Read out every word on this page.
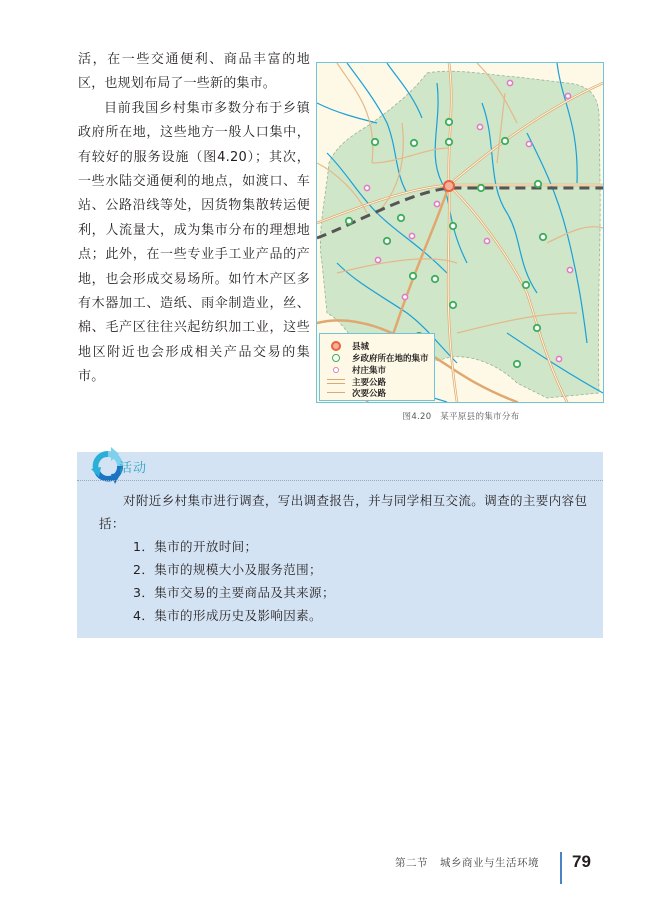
活，在一些交通便利、商品丰富的地区，也规划布局了一些新的集市。

目前我国乡村集市多数分布于乡镇政府所在地，这些地方一般人口集中，有较好的服务设施（图4.20）；其次，一些水陆交通便利的地点，如渡口、车站、公路沿线等处，因货物集散转运便利，人流量大，成为集市分布的理想地点；此外，在一些专业手工业产品的产地，也会形成交易场所。如竹木产区多有木器加工、造纸、雨伞制造业，丝、棉、毛产区往往兴起纺织加工业，这些地区附近也会形成相关产品交易的集市。

县城
乡政府所在地的集市
村庄集市
主要公路
次要公路
图4.20　某平原县的集市分布
活动

对附近乡村集市进行调查，写出调查报告，并与同学相互交流。调查的主要内容包括：

1．集市的开放时间；

2．集市的规模大小及服务范围；

3．集市交易的主要商品及其来源；

4．集市的形成历史及影响因素。

第二节 城乡商业与生活环境	79
